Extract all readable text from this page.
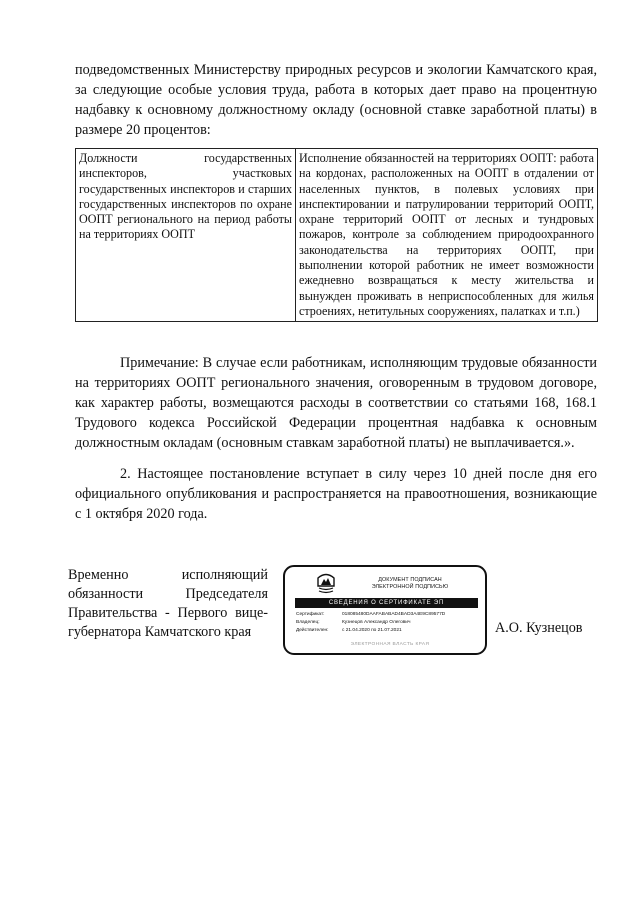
подведомственных Министерству природных ресурсов и экологии Камчатского края, за следующие особые условия труда, работа в которых дает право на процентную надбавку к основному должностному окладу (основной ставке заработной платы) в размере 20 процентов:

Должности государственных инспекторов, участковых государственных инспекторов и старших государственных инспекторов по охране ООПТ регионального на период работы на территориях ООПТ	Исполнение обязанностей на территориях ООПТ: работа на кордонах, расположенных на ООПТ в отдалении от населенных пунктов, в полевых условиях при инспектировании и патрулировании территорий ООПТ, охране территорий ООПТ от лесных и тундровых пожаров, контроле за соблюдением природоохранного законодательства на территориях ООПТ, при выполнении которой работник не имеет возможности ежедневно возвращаться к месту жительства и вынужден проживать в неприспособленных для жилья строениях, нетитульных сооружениях, палатках и т.п.)

Примечание: В случае если работникам, исполняющим трудовые обязанности на территориях ООПТ регионального значения, оговоренным в трудовом договоре, как характер работы, возмещаются расходы в соответствии со статьями 168, 168.1 Трудового кодекса Российской Федерации процентная надбавка к основным должностным окладам (основным ставкам заработной платы) не выплачивается.».

2. Настоящее постановление вступает в силу через 10 дней после дня его официального опубликования и распространяется на правоотношения, возникающие с 1 октября 2020 года.

Временно исполняющий обязанности Председателя Правительства - Первого вице-губернатора Камчатского края

ДОКУМЕНТ ПОДПИСАН
ЭЛЕКТРОННОЙ ПОДПИСЬЮ
СВЕДЕНИЯ О СЕРТИФИКАТЕ ЭП
Сертификат:	018085480DAAFABABAD4BAD3A4E9C89577D
Владелец:	Кузнецов Александр Олегович
Действителен:	с 21.04.2020 по 21.07.2021
ЭЛЕКТРОННАЯ ВЛАСТЬ КРАЯ
А.О. Кузнецов
